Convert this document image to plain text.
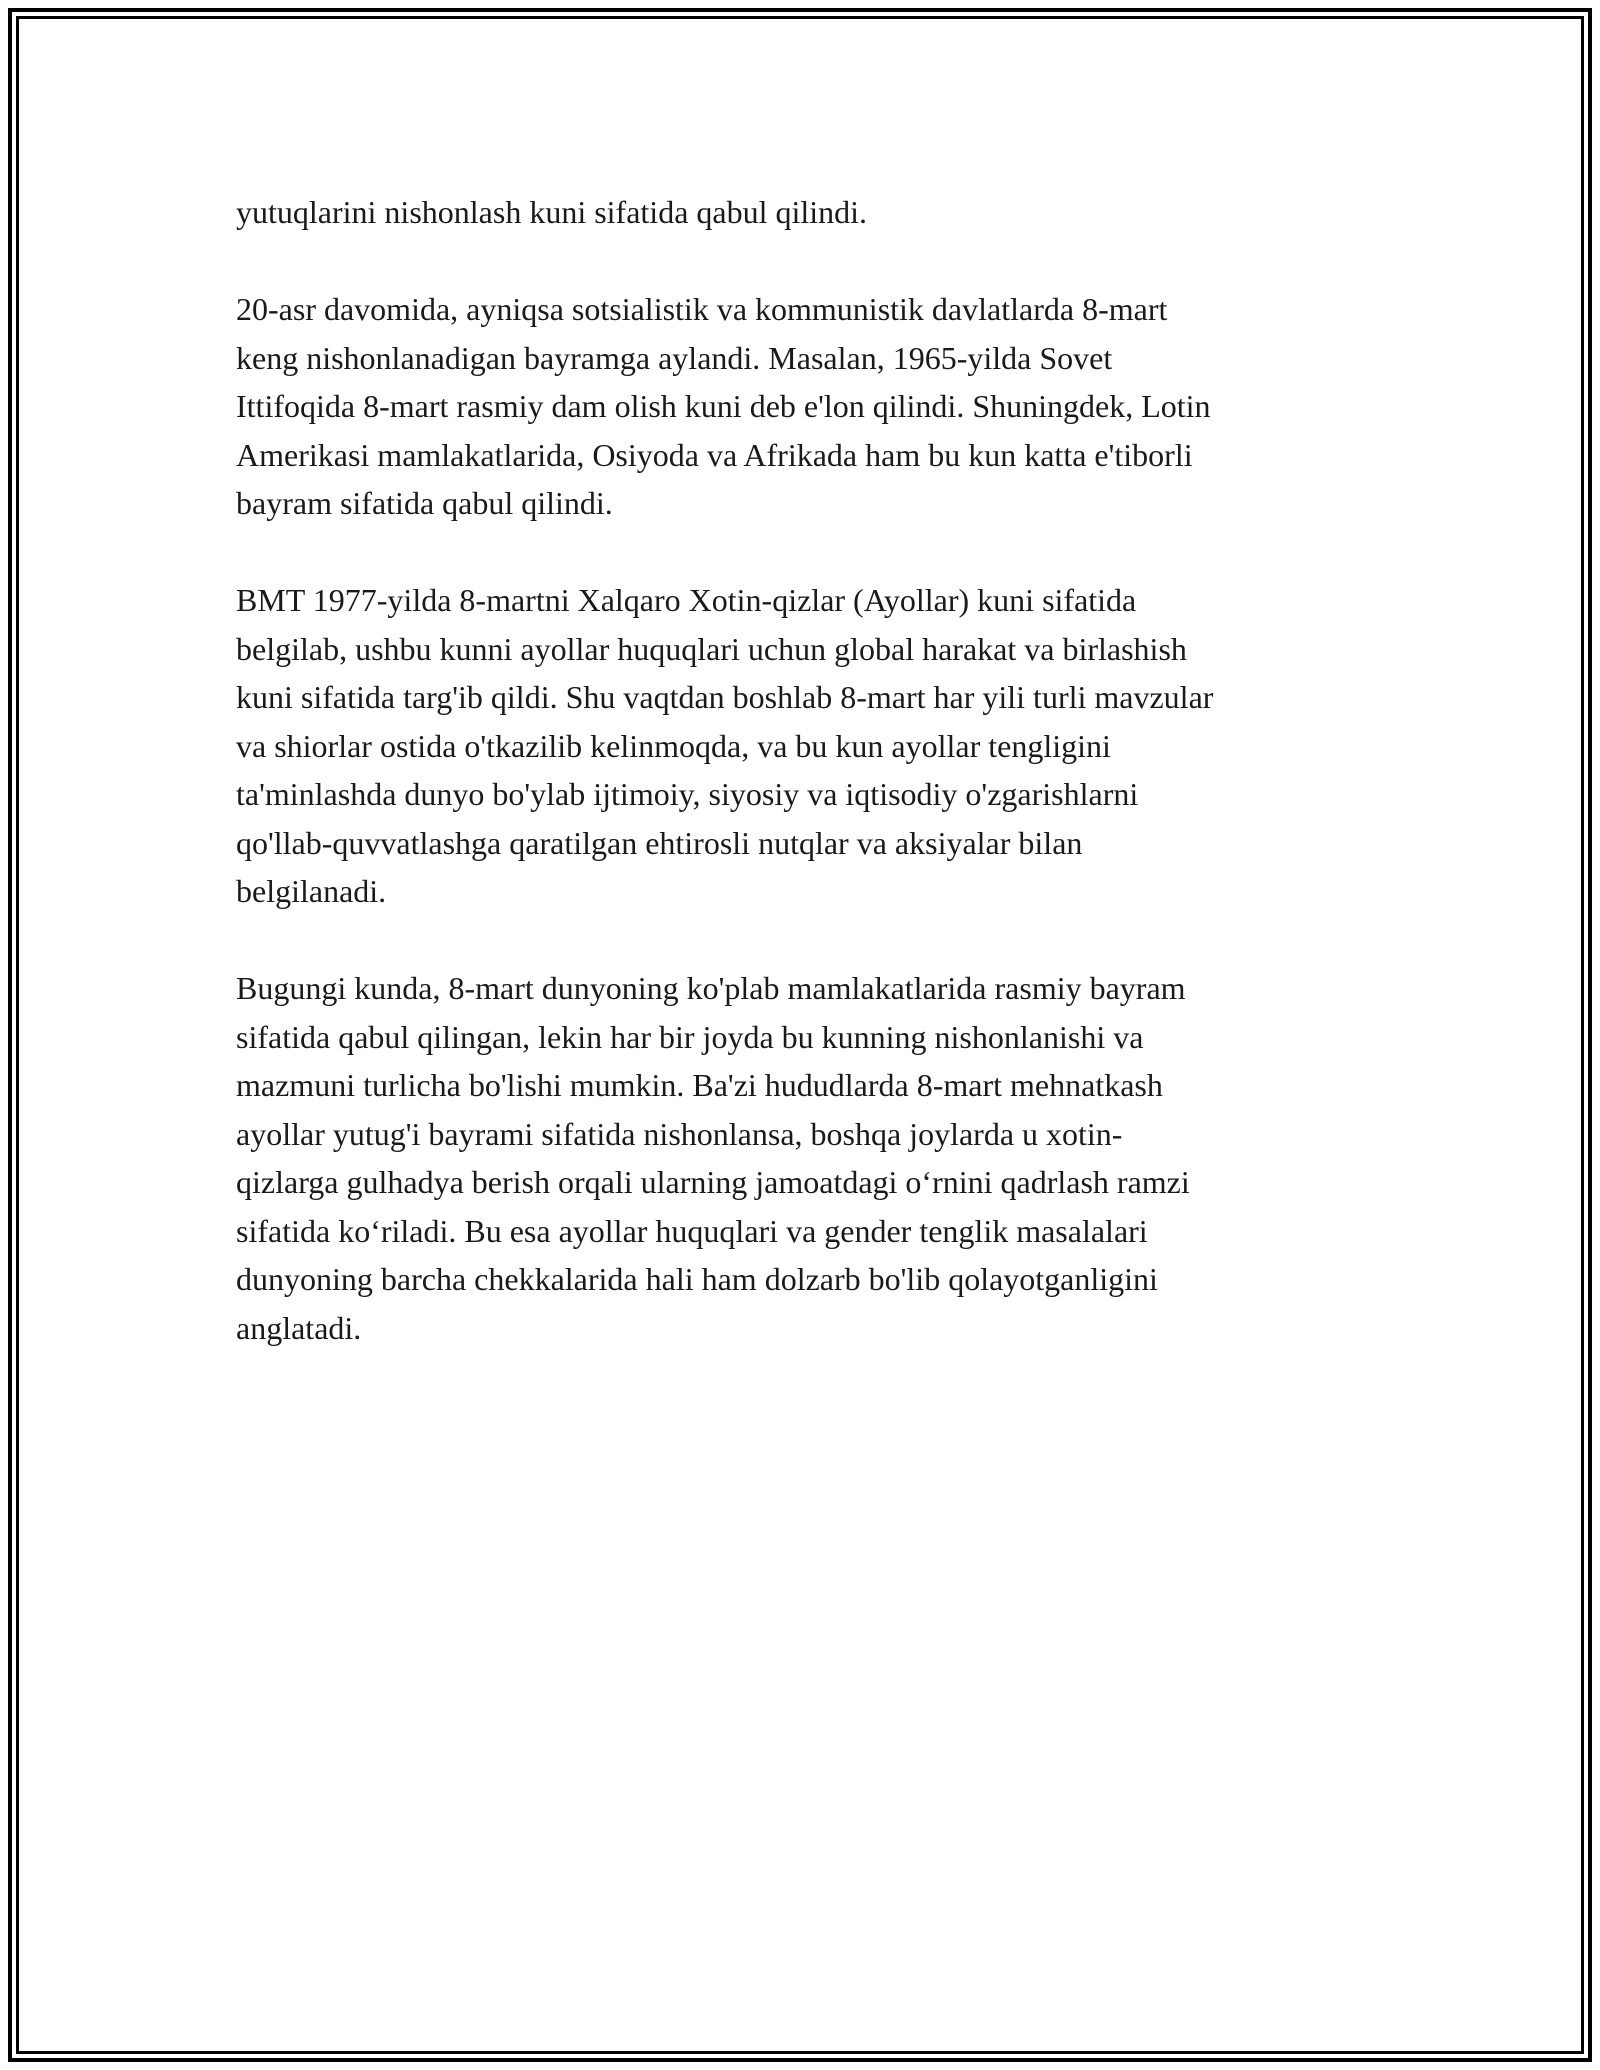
yutuqlarini nishonlash kuni sifatida qabul qilindi.

20-asr davomida, ayniqsa sotsialistik va kommunistik davlatlarda 8-mart
keng nishonlanadigan bayramga aylandi. Masalan, 1965-yilda Sovet
Ittifoqida 8-mart rasmiy dam olish kuni deb e'lon qilindi. Shuningdek, Lotin
Amerikasi mamlakatlarida, Osiyoda va Afrikada ham bu kun katta e'tiborli
bayram sifatida qabul qilindi.

BMT 1977-yilda 8-martni Xalqaro Xotin-qizlar (Ayollar) kuni sifatida
belgilab, ushbu kunni ayollar huquqlari uchun global harakat va birlashish
kuni sifatida targ'ib qildi. Shu vaqtdan boshlab 8-mart har yili turli mavzular
va shiorlar ostida o'tkazilib kelinmoqda, va bu kun ayollar tengligini
ta'minlashda dunyo bo'ylab ijtimoiy, siyosiy va iqtisodiy o'zgarishlarni
qo'llab-quvvatlashga qaratilgan ehtirosli nutqlar va aksiyalar bilan
belgilanadi.

Bugungi kunda, 8-mart dunyoning ko'plab mamlakatlarida rasmiy bayram
sifatida qabul qilingan, lekin har bir joyda bu kunning nishonlanishi va
mazmuni turlicha bo'lishi mumkin. Ba'zi hududlarda 8-mart mehnatkash
ayollar yutug'i bayrami sifatida nishonlansa, boshqa joylarda u xotin-
qizlarga gulhadya berish orqali ularning jamoatdagi o‘rnini qadrlash ramzi
sifatida ko‘riladi. Bu esa ayollar huquqlari va gender tenglik masalalari
dunyoning barcha chekkalarida hali ham dolzarb bo'lib qolayotganligini
anglatadi.
